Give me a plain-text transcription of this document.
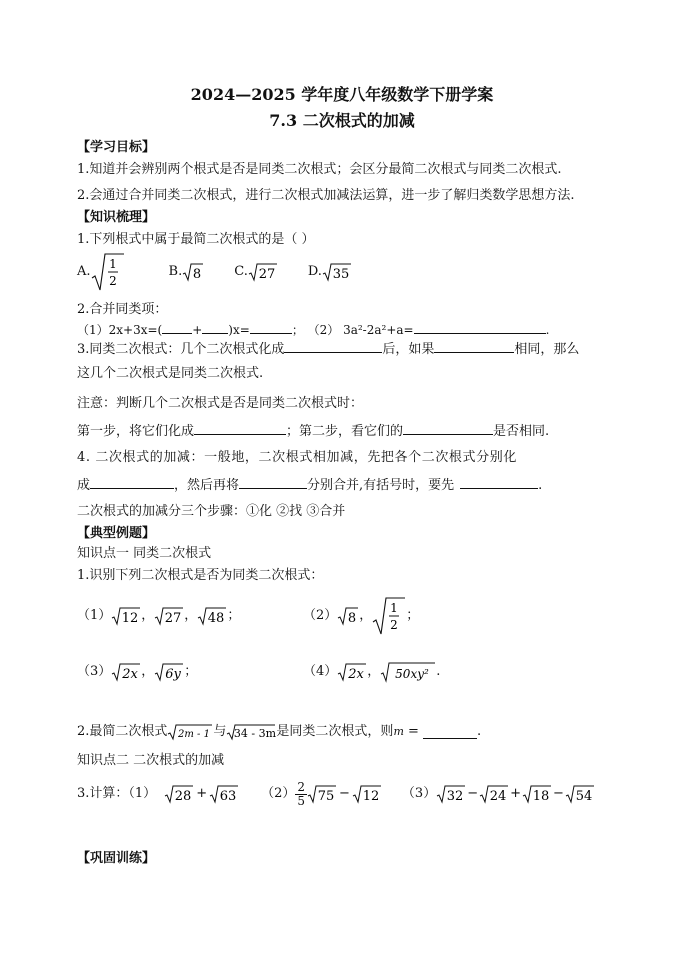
2024—2025 学年度八年级数学下册学案
7.3 二次根式的加减
【学习目标】
1.知道并会辨别两个根式是否是同类二次根式；会区分最简二次根式与同类二次根式.
2.会通过合并同类二次根式，进行二次根式加减法运算，进一步了解归类数学思想方法.
【知识梳理】
1.下列根式中属于最简二次根式的是（ ）
A. 1
2
B. 8	C. 27	D. 35
2.合并同类项：
（1）2x+3x=(	+ )x=	； （2） 3a²-2a²+a=	.
3.同类二次根式：几个二次根式化成	后，如果	相同，那么
这几个二次根式是同类二次根式.
注意：判断几个二次根式是否是同类二次根式时：
第一步，将它们化成	；第二步，看它们的	是否相同.
4. 二次根式的加减：一般地，二次根式相加减，先把各个二次根式分别化
成	，然后再将	分别合并,有括号时，要先	.
二次根式的加减分三个步骤：①化 ②找 ③合并
【典型例题】
知识点一 同类二次根式
1.识别下列二次根式是否为同类二次根式：
（1） 12 ， 27 ， 48 ；	（2） 8 ， 1
2
；
（3） 2x ， 6y ；	（4） 2x ， 50xy² .
2.最简二次根式 2m - 1 与 34 - 3m 是同类二次根式，则 m =	.
知识点二 二次根式的加减
3.计算：（1） 28 + 63 $(2) \frac{2}{5} 75 - 12$ （3） 32 − 24 + 18 − 54
【巩固训练】
